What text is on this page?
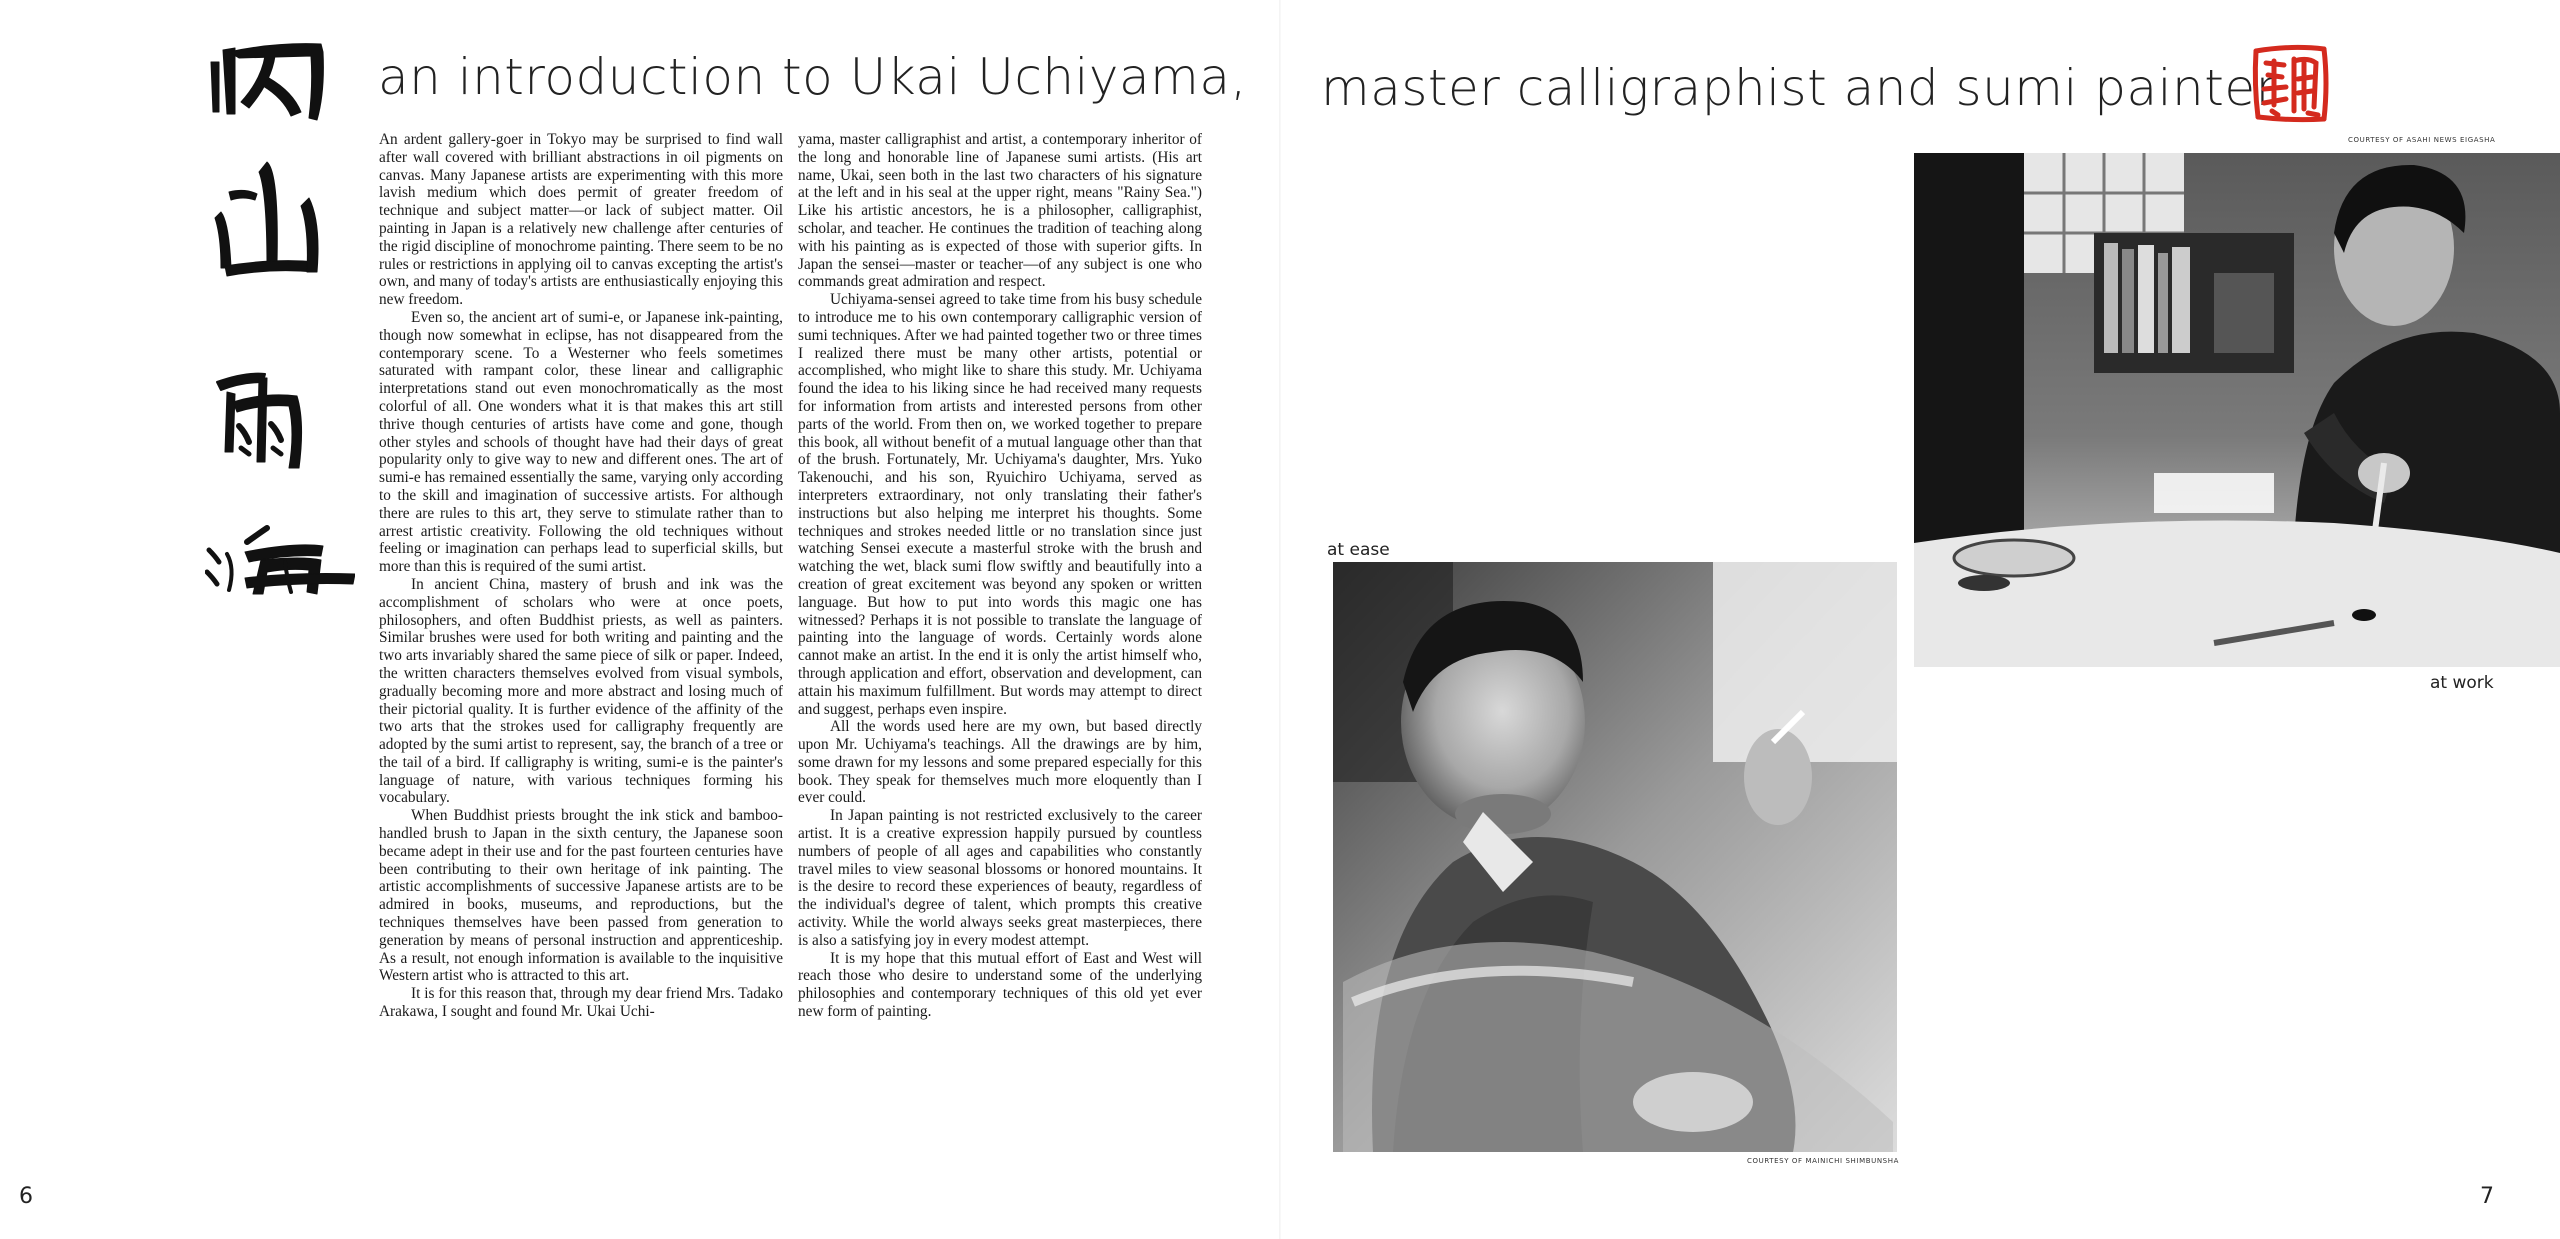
an introduction to Ukai Uchiyama, master calligraphist and sumi painter

An ardent gallery-goer in Tokyo may be surprised to find wall after wall covered with brilliant abstractions in oil pigments on canvas. Many Japanese artists are experimenting with this more lavish medium which does permit of greater freedom of technique and subject matter—or lack of subject matter. Oil painting in Japan is a relatively new challenge after centuries of the rigid discipline of monochrome painting. There seem to be no rules or restrictions in applying oil to canvas excepting the artist's own, and many of today's artists are enthusiastically enjoying this new freedom.

Even so, the ancient art of sumi-e, or Japanese ink-painting, though now somewhat in eclipse, has not disappeared from the contemporary scene. To a Westerner who feels sometimes saturated with rampant color, these linear and calligraphic interpretations stand out even monochromatically as the most colorful of all. One wonders what it is that makes this art still thrive though centuries of artists have come and gone, though other styles and schools of thought have had their days of great popularity only to give way to new and different ones. The art of sumi-e has remained essentially the same, varying only according to the skill and imagination of successive artists. For although there are rules to this art, they serve to stimulate rather than to arrest artistic creativity. Following the old techniques without feeling or imagination can perhaps lead to superficial skills, but more than this is required of the sumi artist.

In ancient China, mastery of brush and ink was the accomplishment of scholars who were at once poets, philosophers, and often Buddhist priests, as well as painters. Similar brushes were used for both writing and painting and the two arts invariably shared the same piece of silk or paper. Indeed, the written characters themselves evolved from visual symbols, gradually becoming more and more abstract and losing much of their pictorial quality. It is further evidence of the affinity of the two arts that the strokes used for calligraphy frequently are adopted by the sumi artist to represent, say, the branch of a tree or the tail of a bird. If calligraphy is writing, sumi-e is the painter's language of nature, with various techniques forming his vocabulary.

When Buddhist priests brought the ink stick and bamboo-handled brush to Japan in the sixth century, the Japanese soon became adept in their use and for the past fourteen centuries have been contributing to their own heritage of ink painting. The artistic accomplishments of successive Japanese artists are to be admired in books, museums, and reproductions, but the techniques themselves have been passed from generation to generation by means of personal instruction and apprenticeship. As a result, not enough information is available to the inquisitive Western artist who is attracted to this art.

It is for this reason that, through my dear friend Mrs. Tadako Arakawa, I sought and found Mr. Ukai Uchi-

yama, master calligraphist and artist, a contemporary inheritor of the long and honorable line of Japanese sumi artists. (His art name, Ukai, seen both in the last two characters of his signature at the left and in his seal at the upper right, means "Rainy Sea.") Like his artistic ancestors, he is a philosopher, calligraphist, scholar, and teacher. He continues the tradition of teaching along with his painting as is expected of those with superior gifts. In Japan the sensei—master or teacher—of any subject is one who commands great admiration and respect.

Uchiyama-sensei agreed to take time from his busy schedule to introduce me to his own contemporary calligraphic version of sumi techniques. After we had painted together two or three times I realized there must be many other artists, potential or accomplished, who might like to share this study. Mr. Uchiyama found the idea to his liking since he had received many requests for information from artists and interested persons from other parts of the world. From then on, we worked together to prepare this book, all without benefit of a mutual language other than that of the brush. Fortunately, Mr. Uchiyama's daughter, Mrs. Yuko Takenouchi, and his son, Ryuichiro Uchiyama, served as interpreters extraordinary, not only translating their father's instructions but also helping me interpret his thoughts. Some techniques and strokes needed little or no translation since just watching Sensei execute a masterful stroke with the brush and watching the wet, black sumi flow swiftly and beautifully into a creation of great excitement was beyond any spoken or written language. But how to put into words this magic one has witnessed? Perhaps it is not possible to translate the language of painting into the language of words. Certainly words alone cannot make an artist. In the end it is only the artist himself who, through application and effort, observation and development, can attain his maximum fulfillment. But words may attempt to direct and suggest, perhaps even inspire.

All the words used here are my own, but based directly upon Mr. Uchiyama's teachings. All the drawings are by him, some drawn for my lessons and some prepared especially for this book. They speak for themselves much more eloquently than I ever could.

In Japan painting is not restricted exclusively to the career artist. It is a creative expression happily pursued by countless numbers of people of all ages and capabilities who constantly travel miles to view seasonal blossoms or honored mountains. It is the desire to record these experiences of beauty, regardless of the individual's degree of talent, which prompts this creative activity. While the world always seeks great masterpieces, there is also a satisfying joy in every modest attempt.

It is my hope that this mutual effort of East and West will reach those who desire to understand some of the underlying philosophies and contemporary techniques of this old yet ever new form of painting.

6	7
at ease
COURTESY OF MAINICHI SHIMBUNSHA
COURTESY OF ASAHI NEWS EIGASHA
at work
